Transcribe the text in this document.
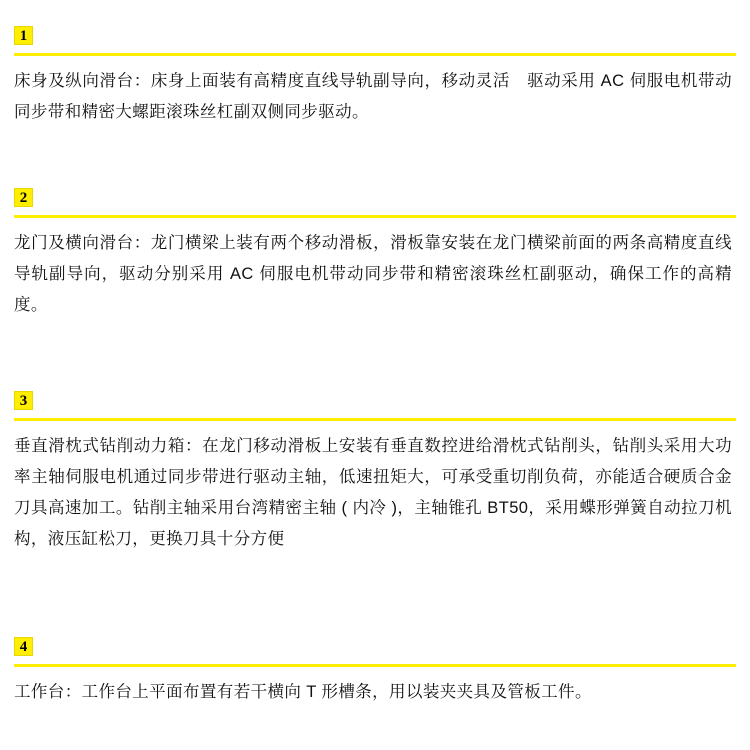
1

床身及纵向滑台：床身上面装有高精度直线导轨副导向，移动灵活　驱动采用 AC 伺服电机带动同步带和精密大螺距滚珠丝杠副双侧同步驱动。

2

龙门及横向滑台：龙门横梁上装有两个移动滑板，滑板靠安装在龙门横梁前面的两条高精度直线导轨副导向，驱动分别采用 AC 伺服电机带动同步带和精密滚珠丝杠副驱动，确保工作的高精度。

3

垂直滑枕式钻削动力箱：在龙门移动滑板上安装有垂直数控进给滑枕式钻削头，钻削头采用大功率主轴伺服电机通过同步带进行驱动主轴，低速扭矩大，可承受重切削负荷，亦能适合硬质合金刀具高速加工。钻削主轴采用台湾精密主轴 ( 内冷 )，主轴锥孔 BT50，采用蝶形弹簧自动拉刀机构，液压缸松刀，更换刀具十分方便

4

工作台：工作台上平面布置有若干横向 T 形槽条，用以装夹夹具及管板工件。
